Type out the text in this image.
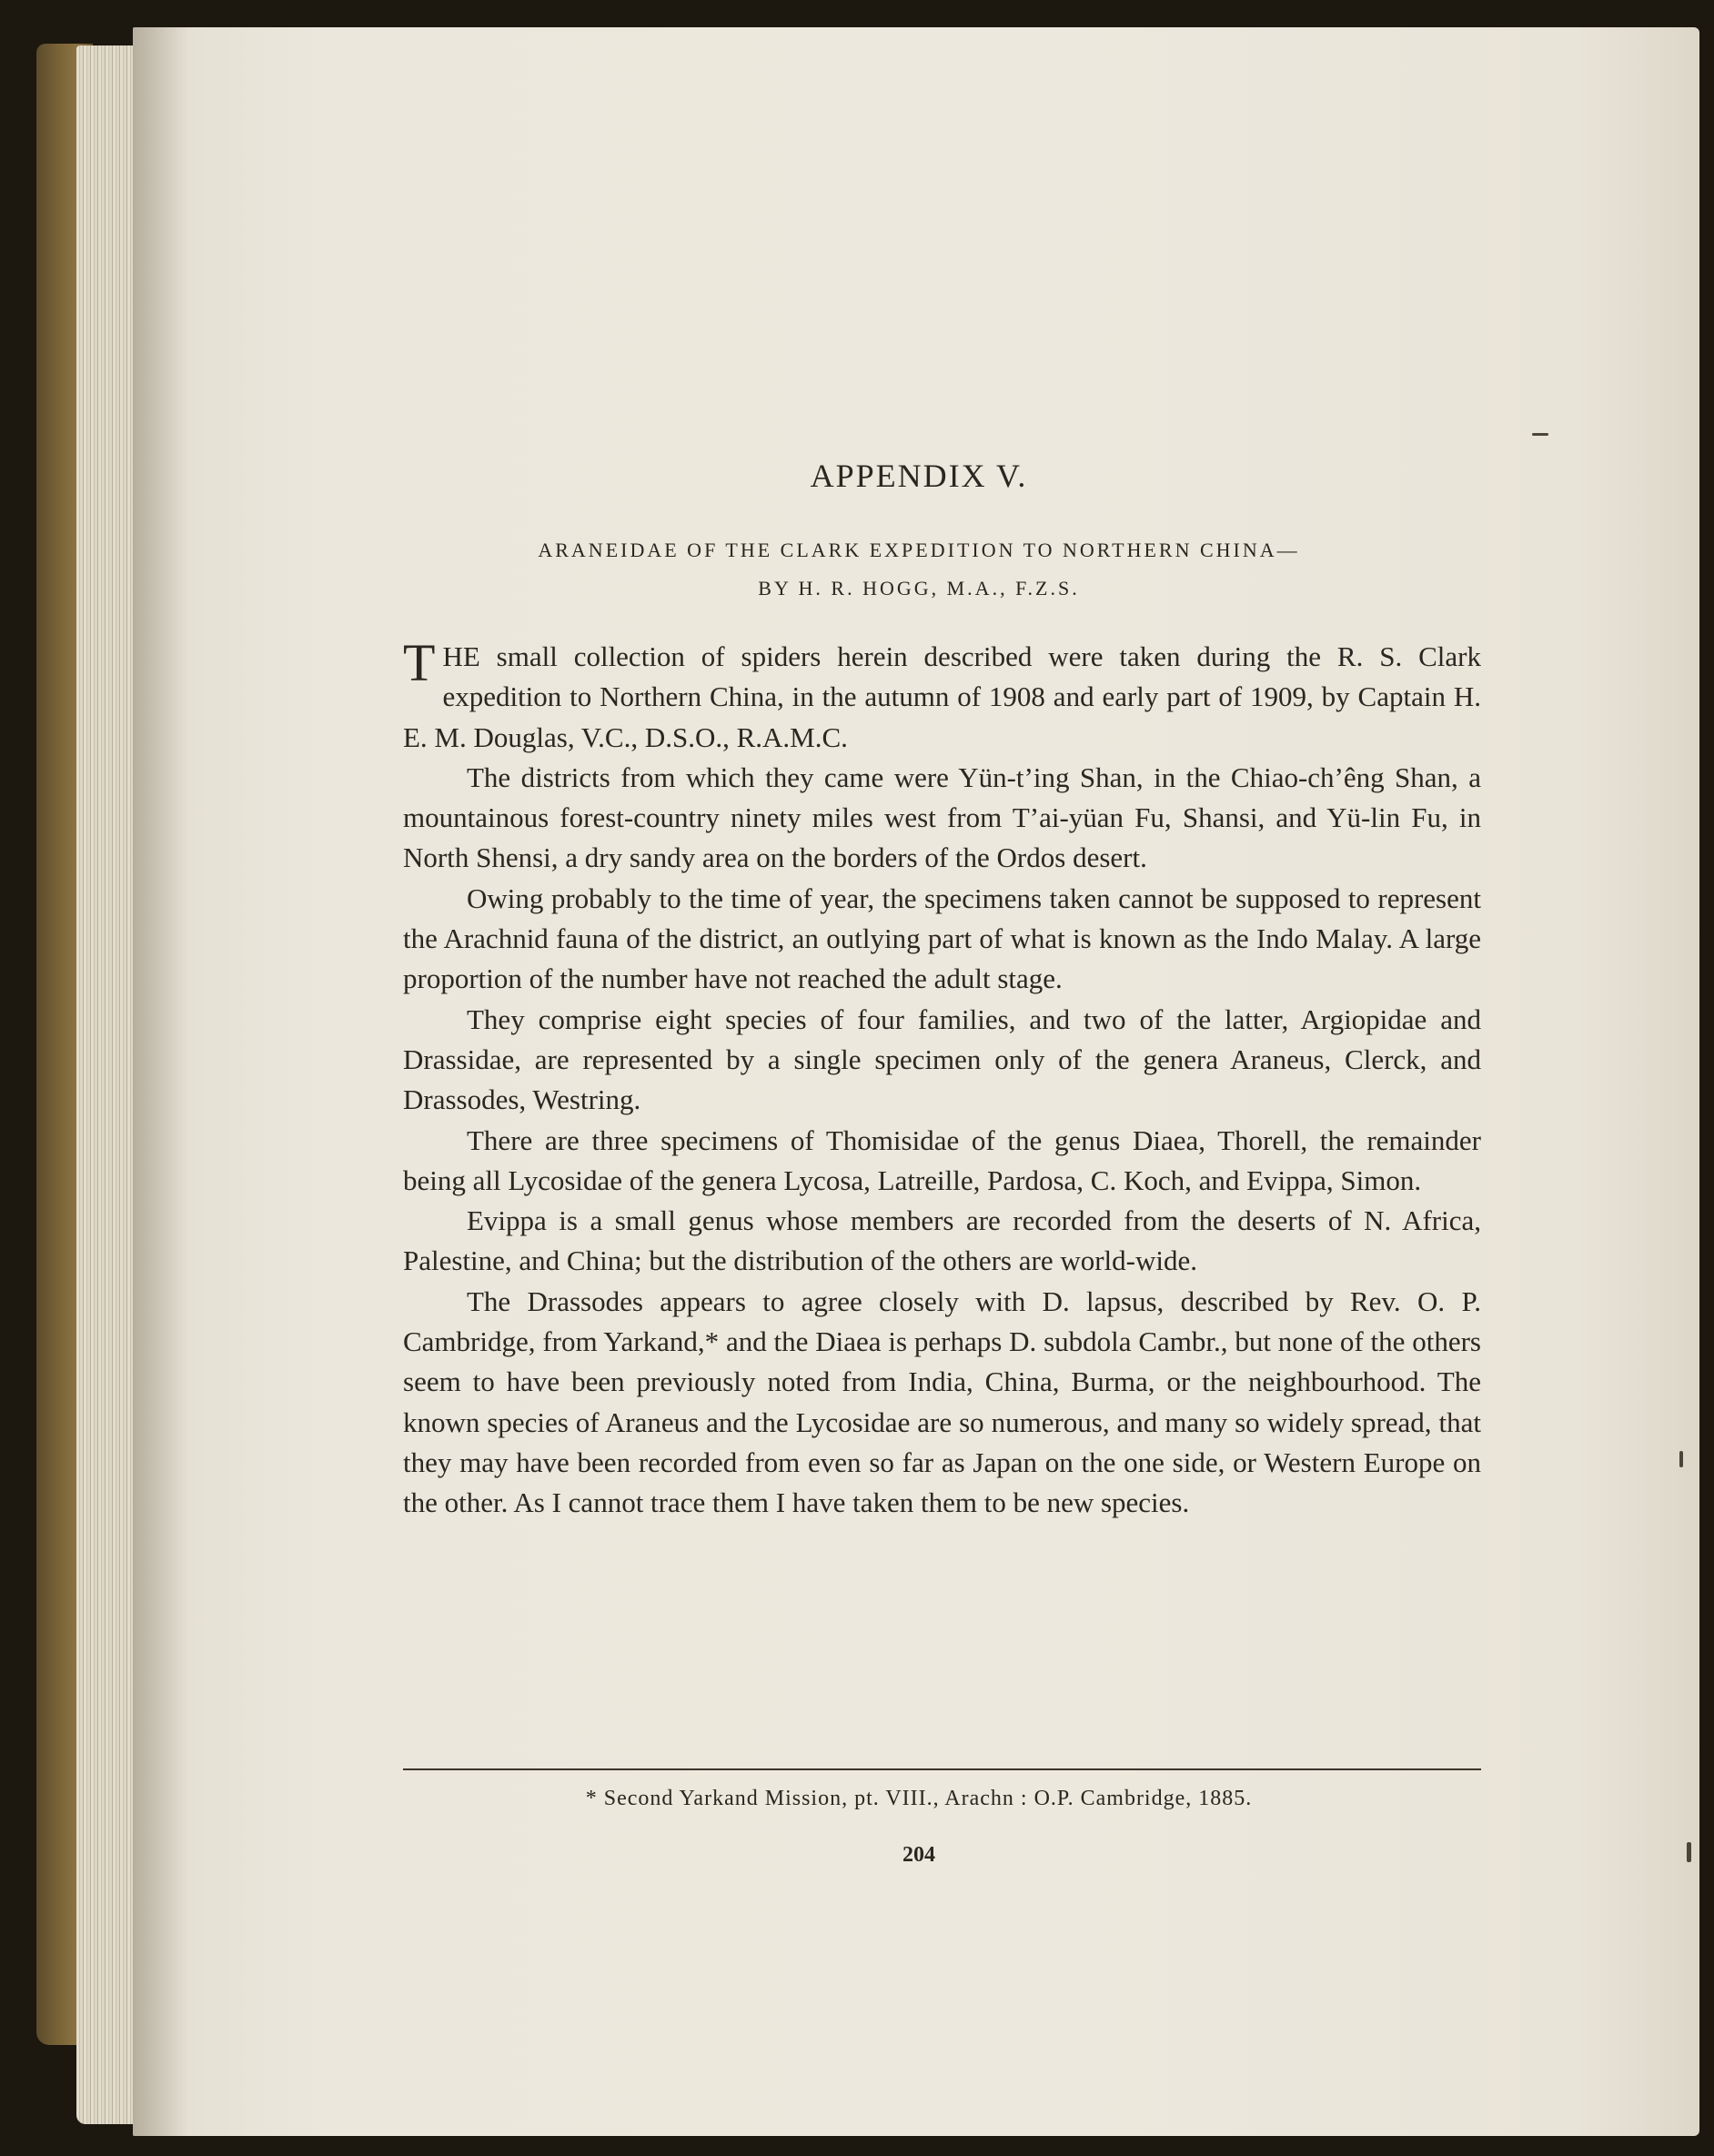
APPENDIX V.
ARANEIDAE OF THE CLARK EXPEDITION TO NORTHERN CHINA—
BY H. R. HOGG, M.A., F.Z.S.

THE small collection of spiders herein described were taken during the R. S. Clark expedition to Northern China, in the autumn of 1908 and early part of 1909, by Captain H. E. M. Douglas, V.C., D.S.O., R.A.M.C.

The districts from which they came were Yün-t’ing Shan, in the Chiao-ch’êng Shan, a mountainous forest-country ninety miles west from T’ai-yüan Fu, Shansi, and Yü-lin Fu, in North Shensi, a dry sandy area on the borders of the Ordos desert.

Owing probably to the time of year, the specimens taken cannot be supposed to represent the Arachnid fauna of the district, an outlying part of what is known as the Indo Malay. A large proportion of the number have not reached the adult stage.

They comprise eight species of four families, and two of the latter, Argiopidae and Drassidae, are represented by a single specimen only of the genera Araneus, Clerck, and Drassodes, Westring.

There are three specimens of Thomisidae of the genus Diaea, Thorell, the remainder being all Lycosidae of the genera Lycosa, Latreille, Pardosa, C. Koch, and Evippa, Simon.

Evippa is a small genus whose members are recorded from the deserts of N. Africa, Palestine, and China; but the distribution of the others are world-wide.

The Drassodes appears to agree closely with D. lapsus, described by Rev. O. P. Cambridge, from Yarkand,* and the Diaea is perhaps D. subdola Cambr., but none of the others seem to have been previously noted from India, China, Burma, or the neighbourhood. The known species of Araneus and the Lycosidae are so numerous, and many so widely spread, that they may have been recorded from even so far as Japan on the one side, or Western Europe on the other. As I cannot trace them I have taken them to be new species.

* Second Yarkand Mission, pt. VIII., Arachn : O.P. Cambridge, 1885.
204
